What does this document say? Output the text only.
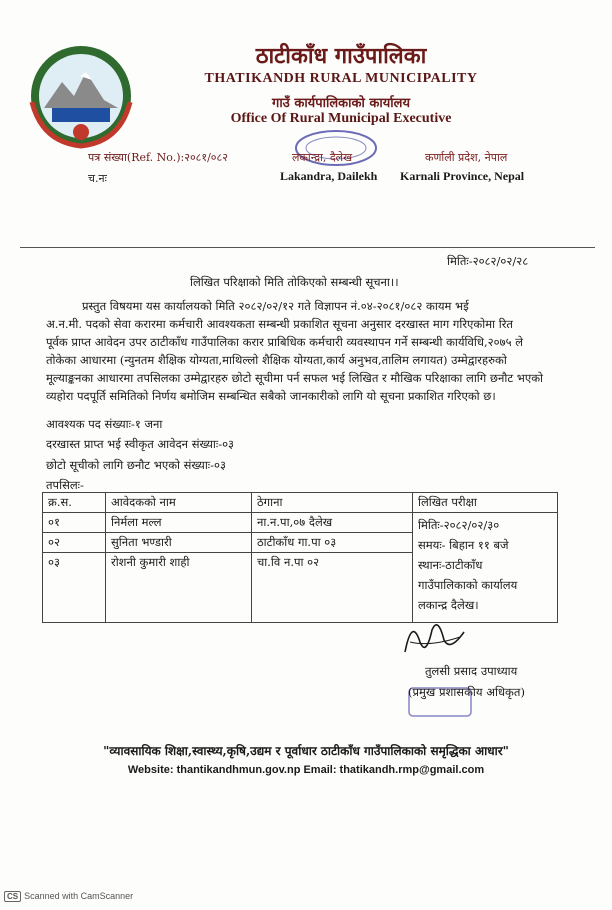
ठाटीकाँध गाउँपालिका
THATIKANDH RURAL MUNICIPALITY
गाउँ कार्यपालिकाको कार्यालय
Office Of Rural Municipal Executive
पत्र संख्या(Ref. No.):२०८१/०८२
च.नः
लकान्द्रा, दैलेख
Lakandra, Dailekh
कर्णाली प्रदेश, नेपाल
Karnali Province, Nepal
मितिः-२०८२/०२/२८
लिखित परिक्षाको मिति तोकिएको सम्बन्धी सूचना।।
प्रस्तुत विषयमा यस कार्यालयको मिति २०८२/०२/१२ गते विज्ञापन नं.०४-२०८१/०८२ कायम भई
अ.न.मी. पदको सेवा करारमा कर्मचारी आवश्यकता सम्बन्धी प्रकाशित सूचना अनुसार दरखास्त माग गरिएकोमा रित
पूर्वक प्राप्त आवेदन उपर ठाटीकाँध गाउँपालिका करार प्राबिधिक कर्मचारी व्यवस्थापन गर्ने सम्बन्धी कार्यविधि,२०७५ ले
तोकेका आधारमा (न्युनतम शैक्षिक योग्यता,माथिल्लो शैक्षिक योग्यता,कार्य अनुभव,तालिम लगायत) उम्मेद्वारहरुको
मूल्याङ्कनका आधारमा तपसिलका उम्मेद्वारहरु छोटो सूचीमा पर्न सफल भई लिखित र मौखिक परिक्षाका लागि छनौट भएको
व्यहोरा पदपूर्ति समितिको निर्णय बमोजिम सम्बन्धित सबैको जानकारीको लागि यो सूचना प्रकाशित गरिएको छ।
आवश्यक पद संख्याः-१ जना
दरखास्त प्राप्त भई स्वीकृत आवेदन संख्याः-०३
छोटो सूचीको लागि छनौट भएको संख्याः-०३
तपसिलः-
क्र.स.	आवेदकको नाम	ठेगाना	लिखित परीक्षा
०१	निर्मला मल्ल	ना.न.पा,०७ दैलेख	मितिः-२०८२/०२/३०
समयः- बिहान ११ बजे
स्थानः-ठाटीकाँध
गाउँपालिकाको कार्यालय
लकान्द्र दैलेख।

०२	सुनिता भण्डारी	ठाटीकाँध गा.पा ०३	
०३	रोशनी कुमारी शाही	चा.वि न.पा ०२	
तुलसी प्रसाद उपाध्याय
(प्रमुख प्रशासकीय अधिकृत)
"व्यावसायिक शिक्षा,स्वास्थ्य,कृषि,उद्यम र पूर्वाधार ठाटीकाँध गाउँपालिकाको समृद्धिका आधार"
Website: thantikandhmun.gov.np Email: thatikandh.rmp@gmail.com
CS Scanned with CamScanner
